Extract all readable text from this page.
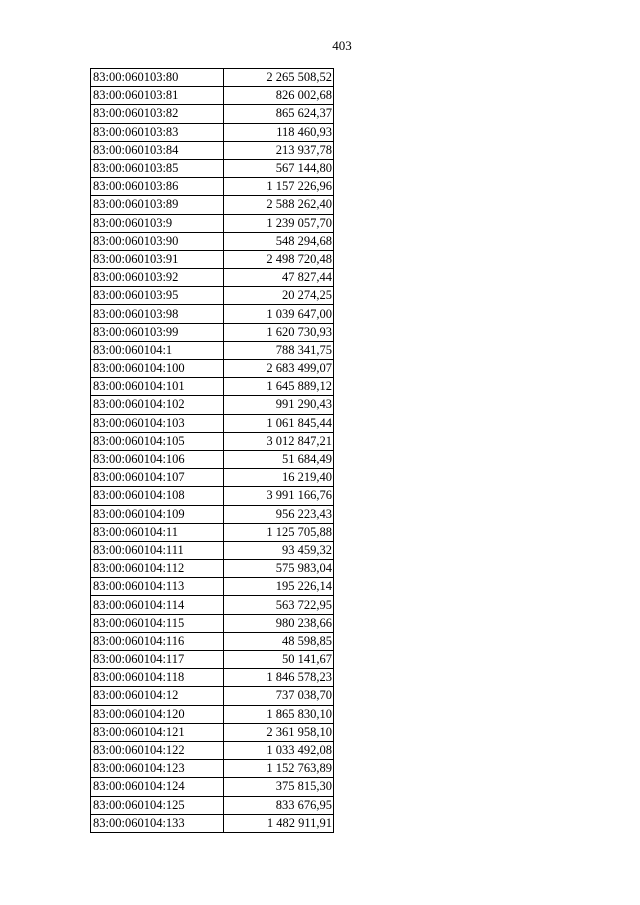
403
83:00:060103:80	2 265 508,52
83:00:060103:81	826 002,68
83:00:060103:82	865 624,37
83:00:060103:83	118 460,93
83:00:060103:84	213 937,78
83:00:060103:85	567 144,80
83:00:060103:86	1 157 226,96
83:00:060103:89	2 588 262,40
83:00:060103:9	1 239 057,70
83:00:060103:90	548 294,68
83:00:060103:91	2 498 720,48
83:00:060103:92	47 827,44
83:00:060103:95	20 274,25
83:00:060103:98	1 039 647,00
83:00:060103:99	1 620 730,93
83:00:060104:1	788 341,75
83:00:060104:100	2 683 499,07
83:00:060104:101	1 645 889,12
83:00:060104:102	991 290,43
83:00:060104:103	1 061 845,44
83:00:060104:105	3 012 847,21
83:00:060104:106	51 684,49
83:00:060104:107	16 219,40
83:00:060104:108	3 991 166,76
83:00:060104:109	956 223,43
83:00:060104:11	1 125 705,88
83:00:060104:111	93 459,32
83:00:060104:112	575 983,04
83:00:060104:113	195 226,14
83:00:060104:114	563 722,95
83:00:060104:115	980 238,66
83:00:060104:116	48 598,85
83:00:060104:117	50 141,67
83:00:060104:118	1 846 578,23
83:00:060104:12	737 038,70
83:00:060104:120	1 865 830,10
83:00:060104:121	2 361 958,10
83:00:060104:122	1 033 492,08
83:00:060104:123	1 152 763,89
83:00:060104:124	375 815,30
83:00:060104:125	833 676,95
83:00:060104:133	1 482 911,91
